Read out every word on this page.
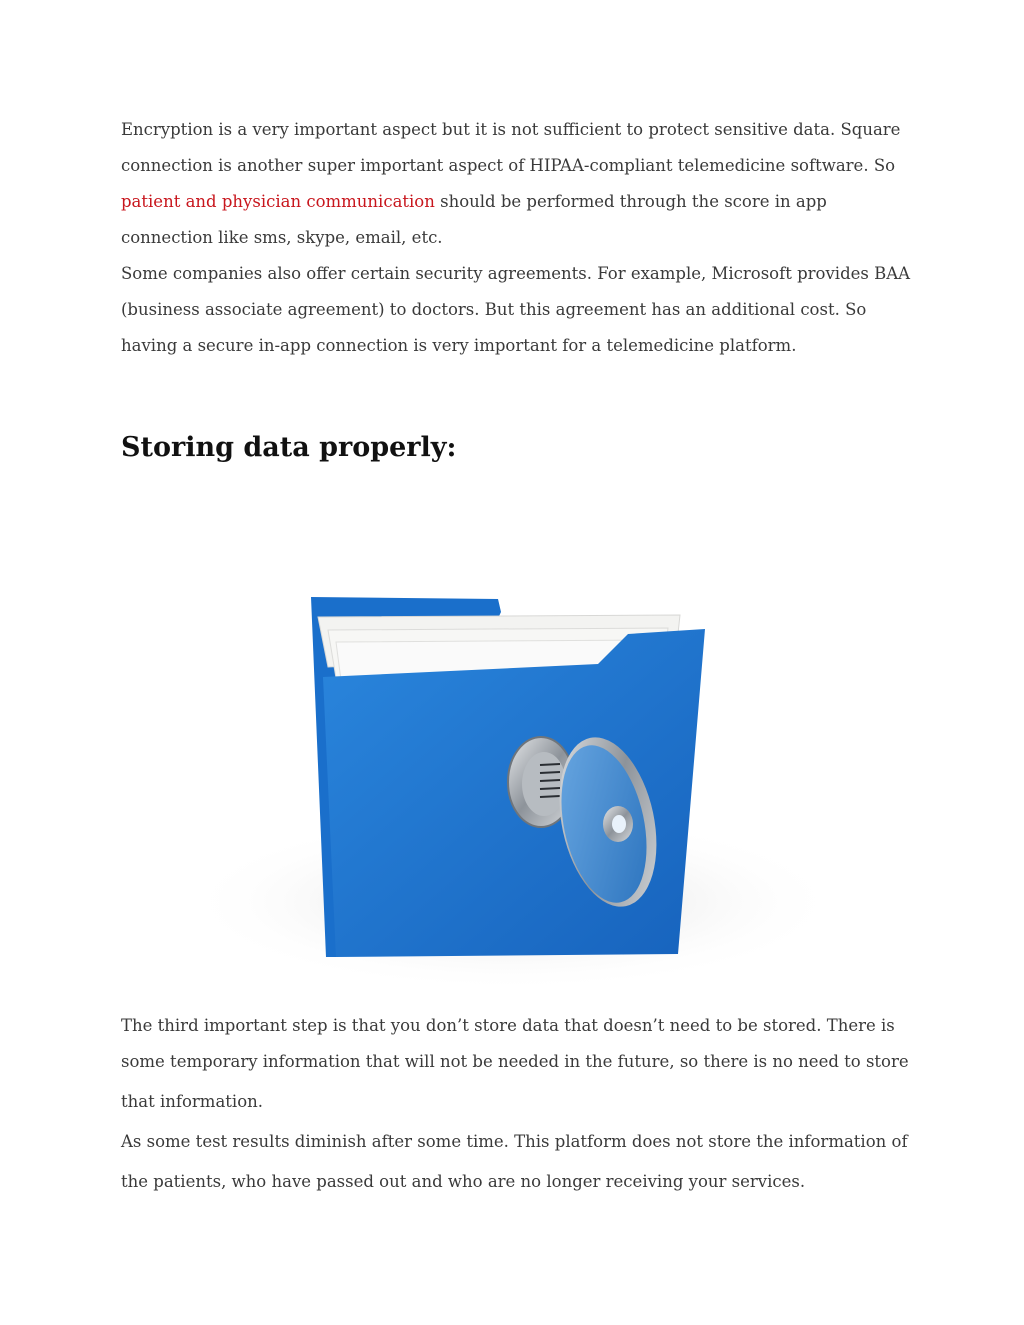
Encryption is a very important aspect but it is not sufficient to protect sensitive data. Square
connection is another super important aspect of HIPAA-compliant telemedicine software. So
patient and physician communication should be performed through the score in app
connection like sms, skype, email, etc.
Some companies also offer certain security agreements. For example, Microsoft provides BAA
(business associate agreement) to doctors. But this agreement has an additional cost. So
having a secure in-app connection is very important for a telemedicine platform.
Storing data properly:
The third important step is that you don’t store data that doesn’t need to be stored. There is
some temporary information that will not be needed in the future, so there is no need to store
that information.
As some test results diminish after some time. This platform does not store the information of
the patients, who have passed out and who are no longer receiving your services.
